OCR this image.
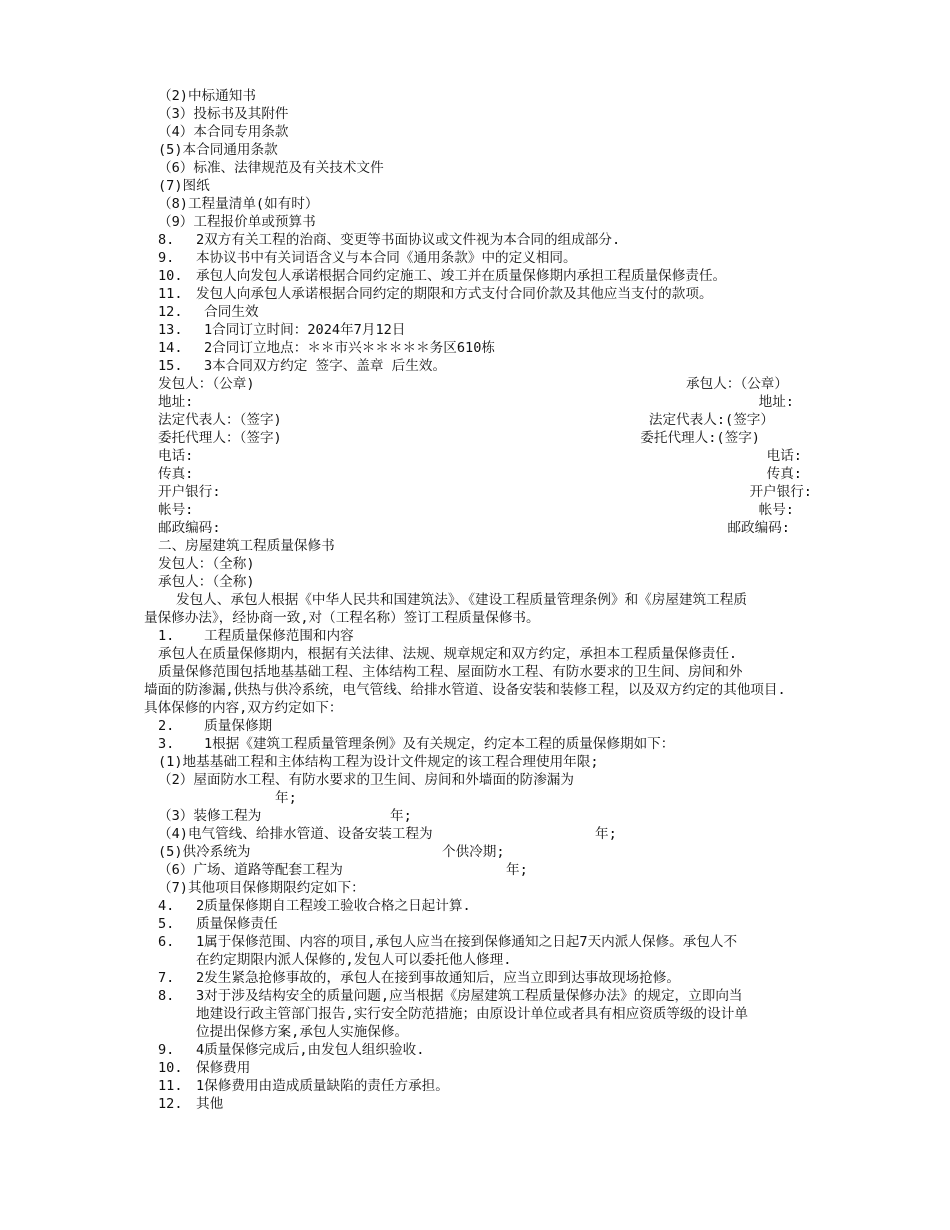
（2)中标通知书
（3）投标书及其附件
（4）本合同专用条款
(5)本合同通用条款
（6）标准、法律规范及有关技术文件
(7)图纸
（8)工程量清单(如有时）
（9）工程报价单或预算书
8. 2双方有关工程的治商、变更等书面协议或文件视为本合同的组成部分.
9. 本协议书中有关词语含义与本合同《通用条款》中的定义相同。
10. 承包人向发包人承诺根据合同约定施工、竣工并在质量保修期内承担工程质量保修责任。
11. 发包人向承包人承诺根据合同约定的期限和方式支付合同价款及其他应当支付的款项。
12. 合同生效
13. 1合同订立时间：2024年7月12日
14. 2合同订立地点：＊＊市兴＊＊＊＊＊务区610栋
15. 3本合同双方约定 签字、盖章 后生效。
发包人：（公章)	承包人：（公章）
地址:	地址:
法定代表人：（签字)	法定代表人:(签字）
委托代理人：（签字)	委托代理人:(签字)
电话:	电话:
传真:	传真:
开户银行:	开户银行:
帐号:	帐号:
邮政编码:	邮政编码:
二、房屋建筑工程质量保修书
发包人：（全称)
承包人：（全称)
发包人、承包人根据《中华人民共和国建筑法》、《建设工程质量管理条例》和《房屋建筑工程质
量保修办法》，经协商一致,对（工程名称）签订工程质量保修书。
1. 工程质量保修范围和内容
承包人在质量保修期内，根据有关法律、法规、规章规定和双方约定，承担本工程质量保修责任.
质量保修范围包括地基基础工程、主体结构工程、屋面防水工程、有防水要求的卫生间、房间和外
墙面的防渗漏,供热与供冷系统，电气管线、给排水管道、设备安装和装修工程，以及双方约定的其他项目.
具体保修的内容,双方约定如下：
2. 质量保修期
3. 1根据《建筑工程质量管理条例》及有关规定，约定本工程的质量保修期如下：
(1)地基基础工程和主体结构工程为设计文件规定的该工程合理使用年限;
（2）屋面防水工程、有防水要求的卫生间、房间和外墙面的防渗漏为
年;
（3）装修工程为	年;
（4)电气管线、给排水管道、设备安装工程为	年;
(5)供冷系统为	个供冷期;
（6）广场、道路等配套工程为	年;
（7)其他项目保修期限约定如下：
4. 2质量保修期自工程竣工验收合格之日起计算.
5. 质量保修责任
6. 1属于保修范围、内容的项目,承包人应当在接到保修通知之日起7天内派人保修。承包人不
在约定期限内派人保修的,发包人可以委托他人修理.
7. 2发生紧急抢修事故的，承包人在接到事故通知后，应当立即到达事故现场抢修。
8. 3对于涉及结构安全的质量问题,应当根据《房屋建筑工程质量保修办法》的规定，立即向当
地建设行政主管部门报告,实行安全防范措施；由原设计单位或者具有相应资质等级的设计单
位提出保修方案,承包人实施保修。
9. 4质量保修完成后,由发包人组织验收.
10. 保修费用
11. 1保修费用由造成质量缺陷的责任方承担。
12. 其他
